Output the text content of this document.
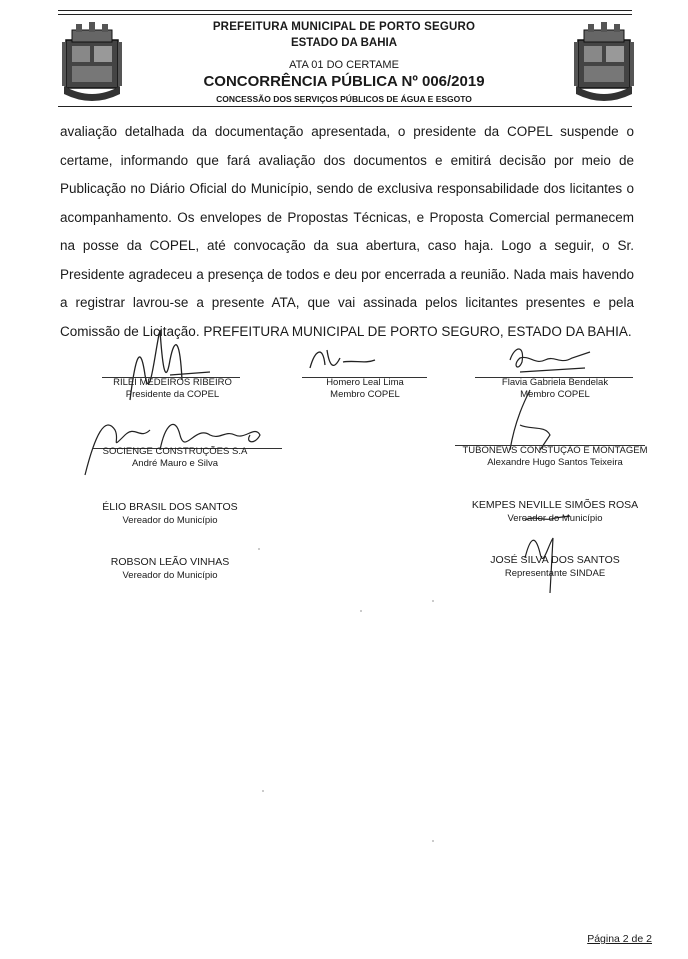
PREFEITURA MUNICIPAL DE PORTO SEGURO
ESTADO DA BAHIA
ATA 01 DO CERTAME
CONCORRÊNCIA PÚBLICA Nº 006/2019
CONCESSÃO DOS SERVIÇOS PÚBLICOS DE ÁGUA E ESGOTO

avaliação detalhada da documentação apresentada, o presidente da COPEL suspende o certame, informando que fará avaliação dos documentos e emitirá decisão por meio de Publicação no Diário Oficial do Município, sendo de exclusiva responsabilidade dos licitantes o acompanhamento. Os envelopes de Propostas Técnicas, e Proposta Comercial permanecem na posse da COPEL, até convocação da sua abertura, caso haja. Logo a seguir, o Sr. Presidente agradeceu a presença de todos e deu por encerrada a reunião. Nada mais havendo a registrar lavrou-se a presente ATA, que vai assinada pelos licitantes presentes e pela Comissão de Licitação. PREFEITURA MUNICIPAL DE PORTO SEGURO, ESTADO DA BAHIA.

RILEI MEDEIROS RIBEIRO
Presidente da COPEL
Homero Leal Lima
Membro COPEL
Flavia Gabriela Bendelak
Membro COPEL
SOCIENGE CONSTRUÇÕES S.A
André Mauro e Silva
TUBONEWS CONSTUÇÃO E MONTAGEM
Alexandre Hugo Santos Teixeira
ÉLIO BRASIL DOS SANTOS
Vereador do Município
KEMPES NEVILLE SIMÕES ROSA
Vereador do Município
ROBSON LEÃO VINHAS
Vereador do Município
JOSÉ SILVA DOS SANTOS
Representante SINDAE
Página 2 de 2
